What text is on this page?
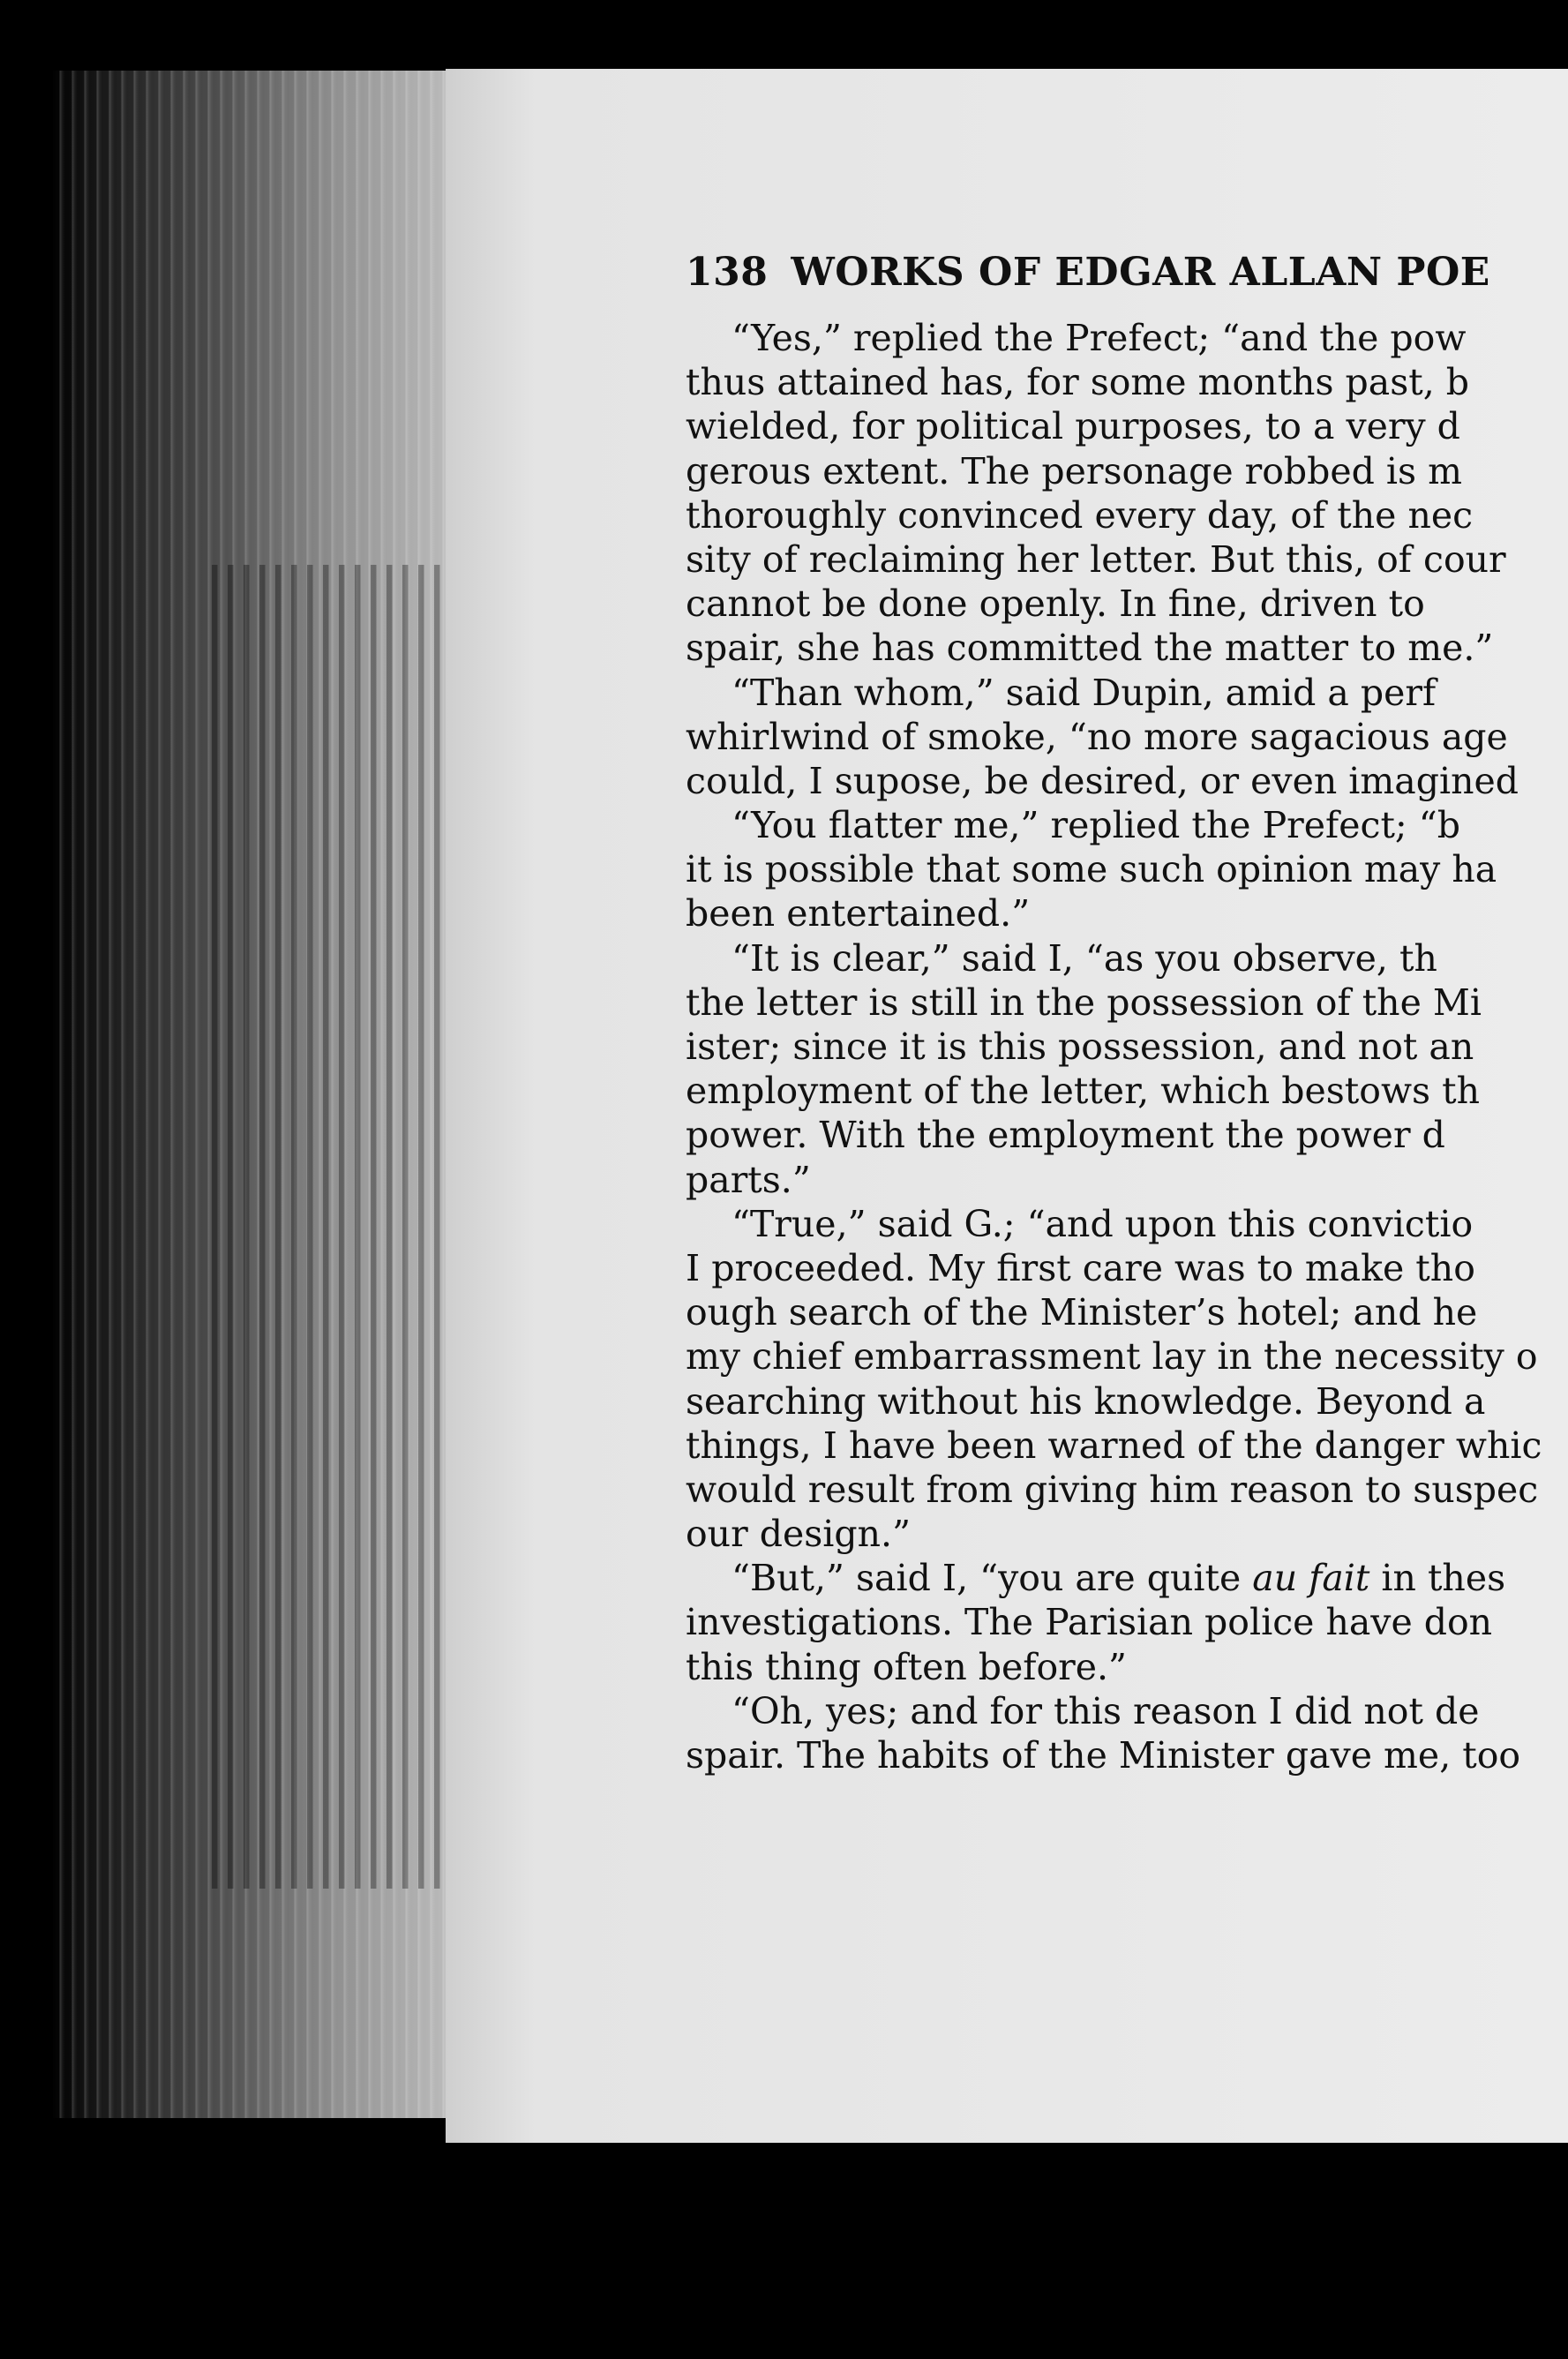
138 WORKS OF EDGAR ALLAN POE
“Yes,” replied the Prefect; “and the pow
thus attained has, for some months past, b
wielded, for political purposes, to a very d
gerous extent. The personage robbed is m
thoroughly convinced every day, of the nec
sity of reclaiming her letter. But this, of cour
cannot be done openly. In fine, driven to
spair, she has committed the matter to me.”
“Than whom,” said Dupin, amid a perf
whirlwind of smoke, “no more sagacious age
could, I supose, be desired, or even imagined
“You flatter me,” replied the Prefect; “b
it is possible that some such opinion may ha
been entertained.”
“It is clear,” said I, “as you observe, th
the letter is still in the possession of the Mi
ister; since it is this possession, and not an
employment of the letter, which bestows th
power. With the employment the power d
parts.”
“True,” said G.; “and upon this convictio
I proceeded. My first care was to make tho
ough search of the Minister’s hotel; and he
my chief embarrassment lay in the necessity o
searching without his knowledge. Beyond a
things, I have been warned of the danger whic
would result from giving him reason to suspec
our design.”
“But,” said I, “you are quite au fait in thes
investigations. The Parisian police have don
this thing often before.”
“Oh, yes; and for this reason I did not de
spair. The habits of the Minister gave me, too
